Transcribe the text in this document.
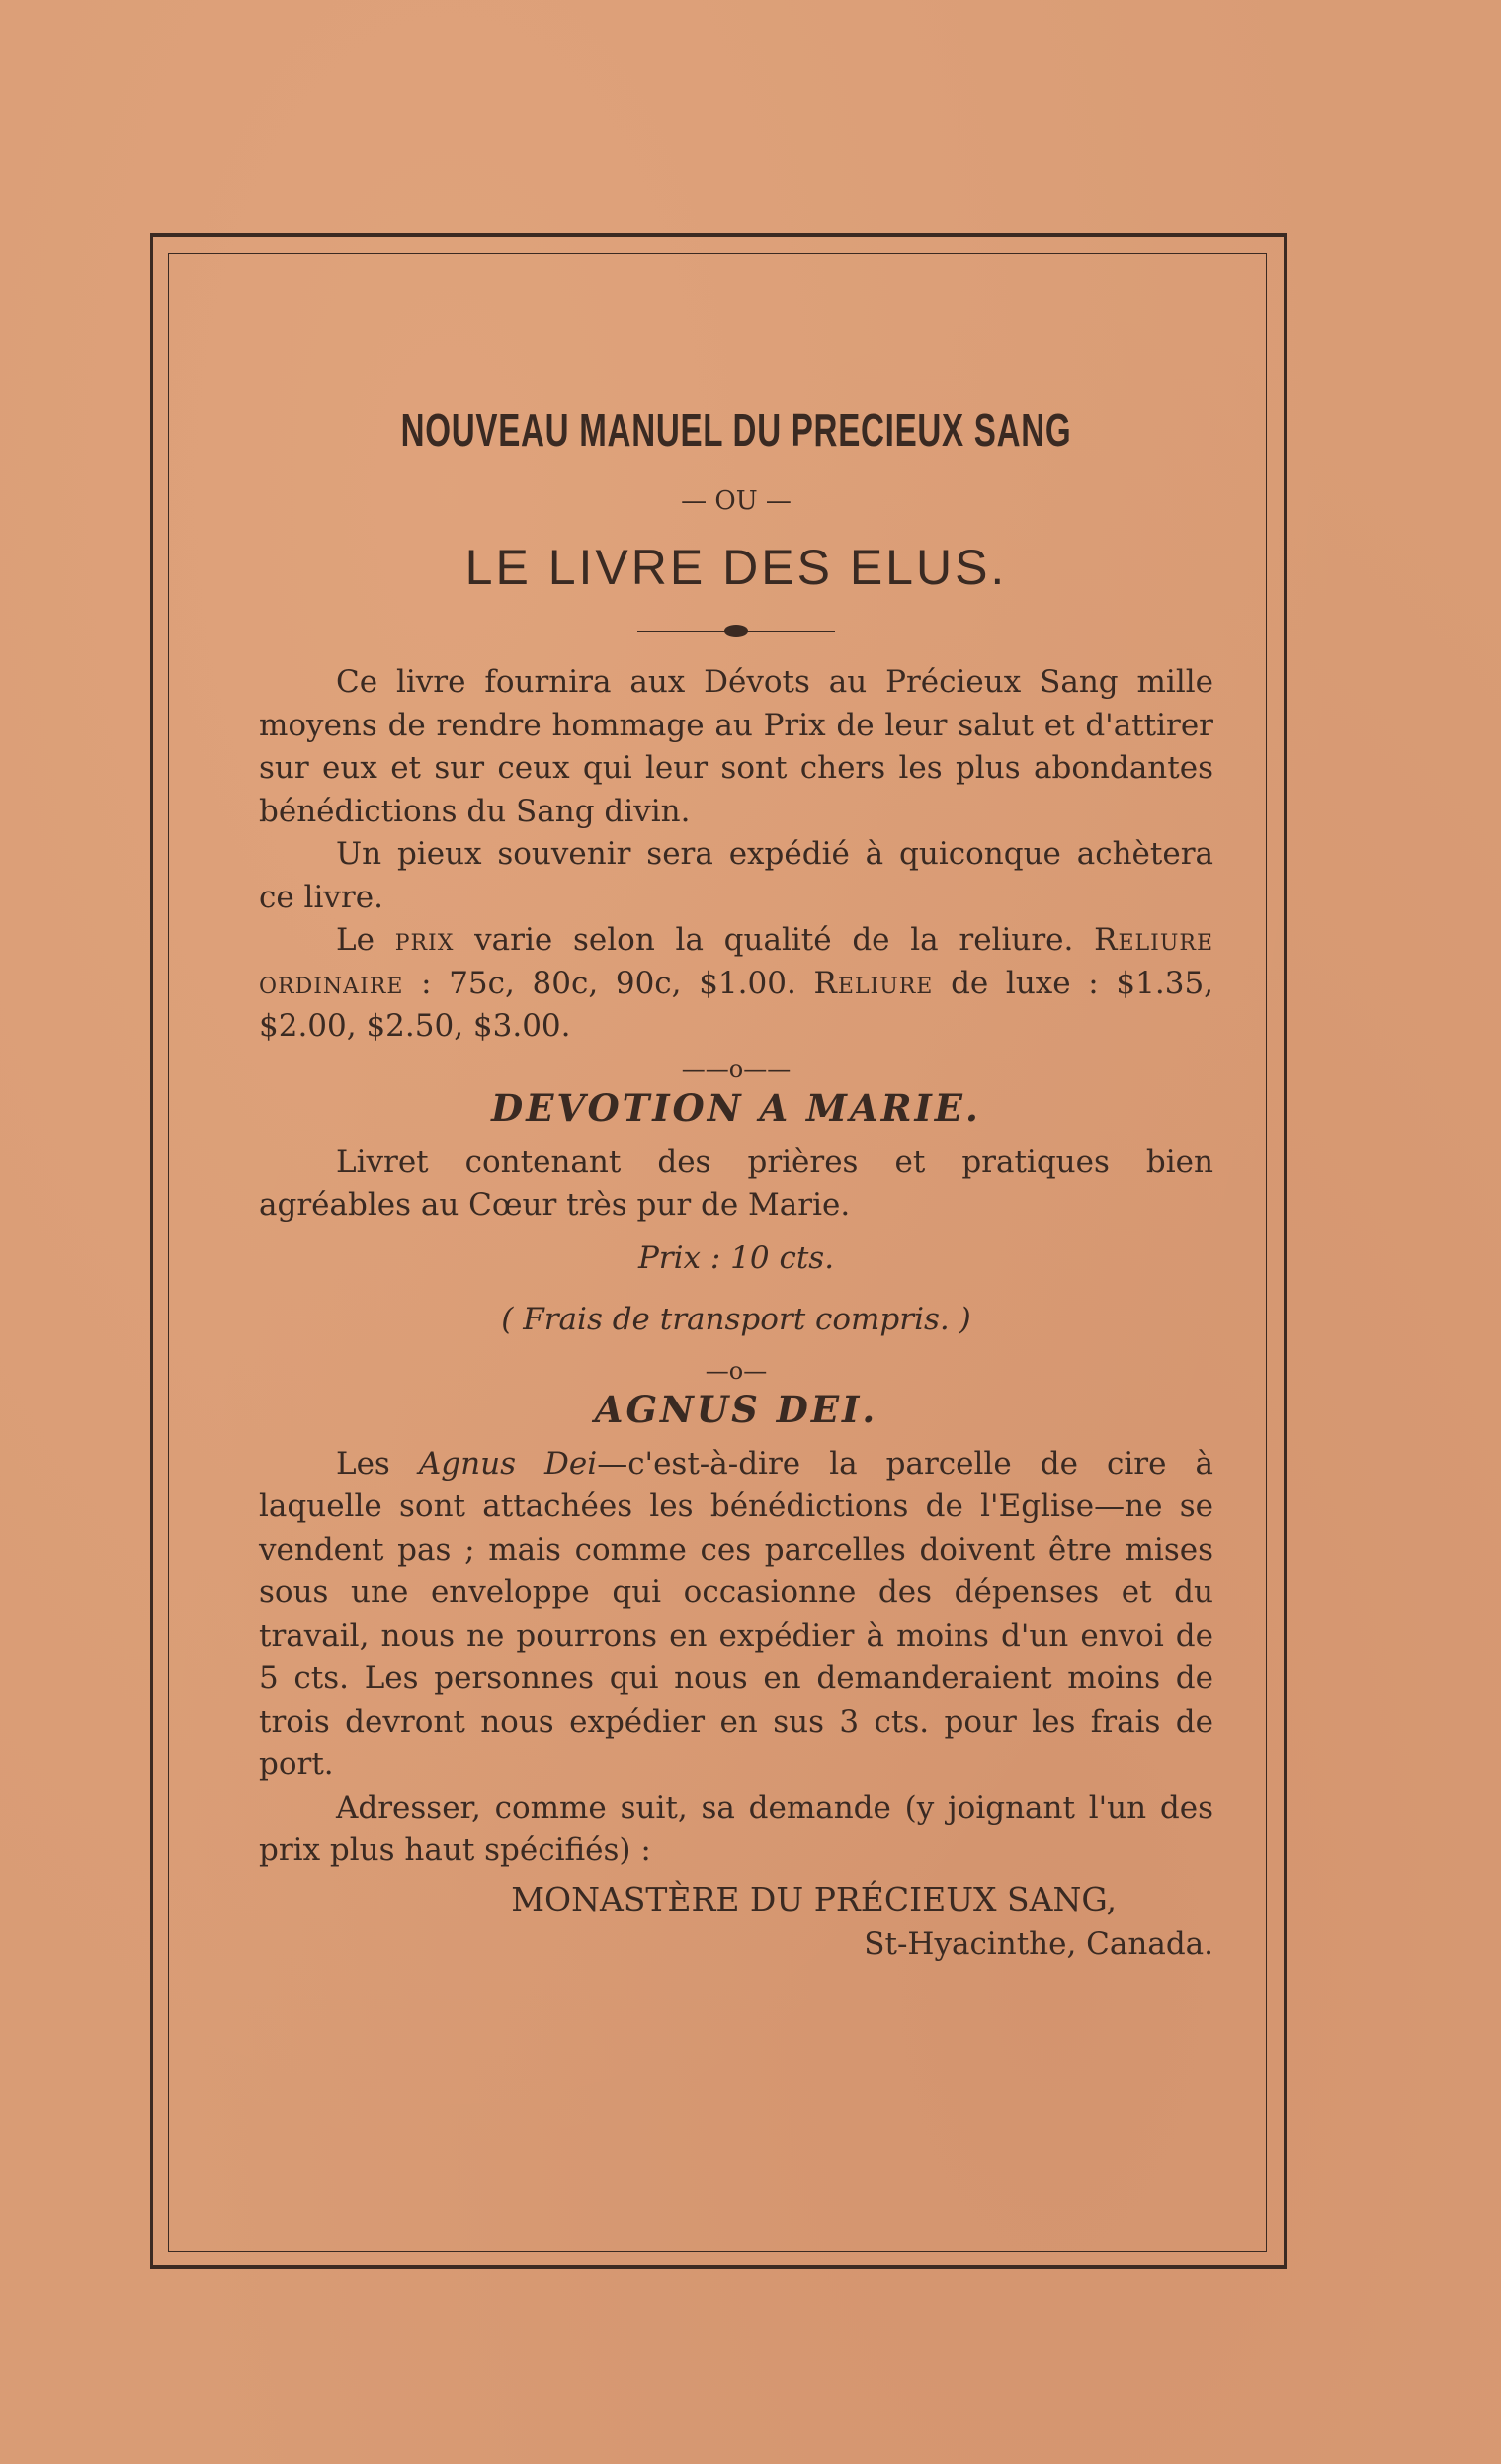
NOUVEAU MANUEL DU PRECIEUX SANG
— OU —
LE LIVRE DES ELUS.

Ce livre fournira aux Dévots au Précieux Sang mille moyens de rendre hommage au Prix de leur salut et d'attirer sur eux et sur ceux qui leur sont chers les plus abondantes bénédictions du Sang divin.

Un pieux souvenir sera expédié à quiconque achètera ce livre.

Le prix varie selon la qualité de la reliure. Reliure ordinaire : 75c, 80c, 90c, $1.00. Reliure de luxe : $1.35, $2.00, $2.50, $3.00.

——o——
DEVOTION A MARIE.

Livret contenant des prières et pratiques bien agréables au Cœur très pur de Marie.

Prix : 10 cts.
( Frais de transport compris. )
—o—
AGNUS DEI.

Les Agnus Dei—c'est-à-dire la parcelle de cire à laquelle sont attachées les bénédictions de l'Eglise—ne se vendent pas ; mais comme ces parcelles doivent être mises sous une enveloppe qui occasionne des dépenses et du travail, nous ne pourrons en expédier à moins d'un envoi de 5 cts. Les personnes qui nous en demanderaient moins de trois devront nous expédier en sus 3 cts. pour les frais de port.

Adresser, comme suit, sa demande (y joignant l'un des prix plus haut spécifiés) :

MONASTÈRE DU PRÉCIEUX SANG,
St-Hyacinthe, Canada.
